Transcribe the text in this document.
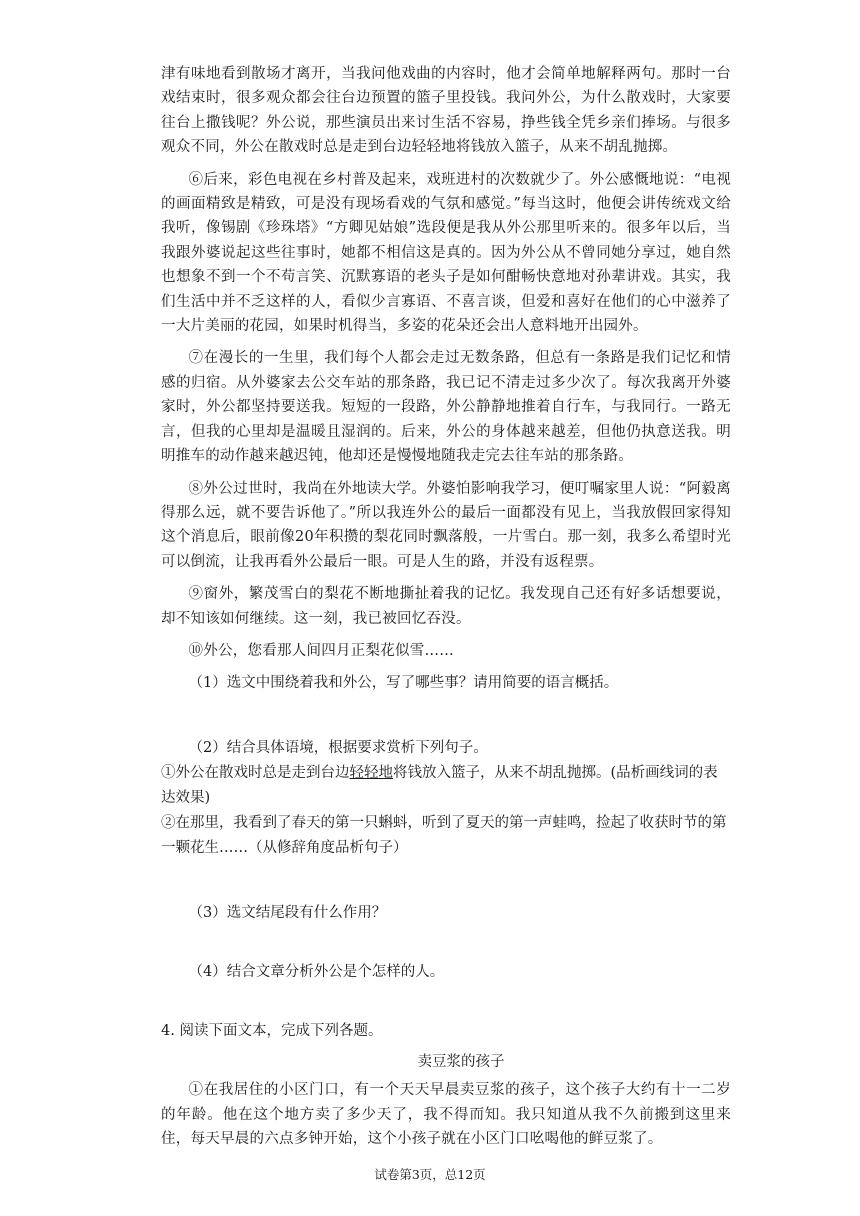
津有味地看到散场才离开，当我问他戏曲的内容时，他才会简单地解释两句。那时一台戏结束时，很多观众都会往台边预置的篮子里投钱。我问外公，为什么散戏时，大家要往台上撒钱呢？外公说，那些演员出来讨生活不容易，挣些钱全凭乡亲们捧场。与很多观众不同，外公在散戏时总是走到台边轻轻地将钱放入篮子，从来不胡乱抛掷。

⑥后来，彩色电视在乡村普及起来，戏班进村的次数就少了。外公感慨地说：“电视的画面精致是精致，可是没有现场看戏的气氛和感觉。”每当这时，他便会讲传统戏文给我听，像锡剧《珍珠塔》“方卿见姑娘”选段便是我从外公那里听来的。很多年以后，当我跟外婆说起这些往事时，她都不相信这是真的。因为外公从不曾同她分享过，她自然也想象不到一个不苟言笑、沉默寡语的老头子是如何酣畅快意地对孙辈讲戏。其实，我们生活中并不乏这样的人，看似少言寡语、不喜言谈，但爱和喜好在他们的心中滋养了一大片美丽的花园，如果时机得当，多姿的花朵还会出人意料地开出园外。

⑦在漫长的一生里，我们每个人都会走过无数条路，但总有一条路是我们记忆和情感的归宿。从外婆家去公交车站的那条路，我已记不清走过多少次了。每次我离开外婆家时，外公都坚持要送我。短短的一段路，外公静静地推着自行车，与我同行。一路无言，但我的心里却是温暖且湿润的。后来，外公的身体越来越差，但他仍执意送我。明明推车的动作越来越迟钝，他却还是慢慢地随我走完去往车站的那条路。

⑧外公过世时，我尚在外地读大学。外婆怕影响我学习，便叮嘱家里人说：“阿毅离得那么远，就不要告诉他了。”所以我连外公的最后一面都没有见上，当我放假回家得知这个消息后，眼前像20年积攒的梨花同时飘落般，一片雪白。那一刻，我多么希望时光可以倒流，让我再看外公最后一眼。可是人生的路，并没有返程票。

⑨窗外，繁茂雪白的梨花不断地撕扯着我的记忆。我发现自己还有好多话想要说，却不知该如何继续。这一刻，我已被回忆吞没。

⑩外公，您看那人间四月正梨花似雪……

（1）选文中围绕着我和外公，写了哪些事？请用简要的语言概括。

（2）结合具体语境，根据要求赏析下列句子。

①外公在散戏时总是走到台边轻轻地将钱放入篮子，从来不胡乱抛掷。(品析画线词的表达效果)

②在那里，我看到了春天的第一只蝌蚪，听到了夏天的第一声蛙鸣，捡起了收获时节的第一颗花生……（从修辞角度品析句子）

（3）选文结尾段有什么作用？

（4）结合文章分析外公是个怎样的人。

4. 阅读下面文本，完成下列各题。

卖豆浆的孩子

①在我居住的小区门口，有一个天天早晨卖豆浆的孩子，这个孩子大约有十一二岁的年龄。他在这个地方卖了多少天了，我不得而知。我只知道从我不久前搬到这里来住，每天早晨的六点多钟开始，这个小孩子就在小区门口吆喝他的鲜豆浆了。

试卷第3页，总12页
